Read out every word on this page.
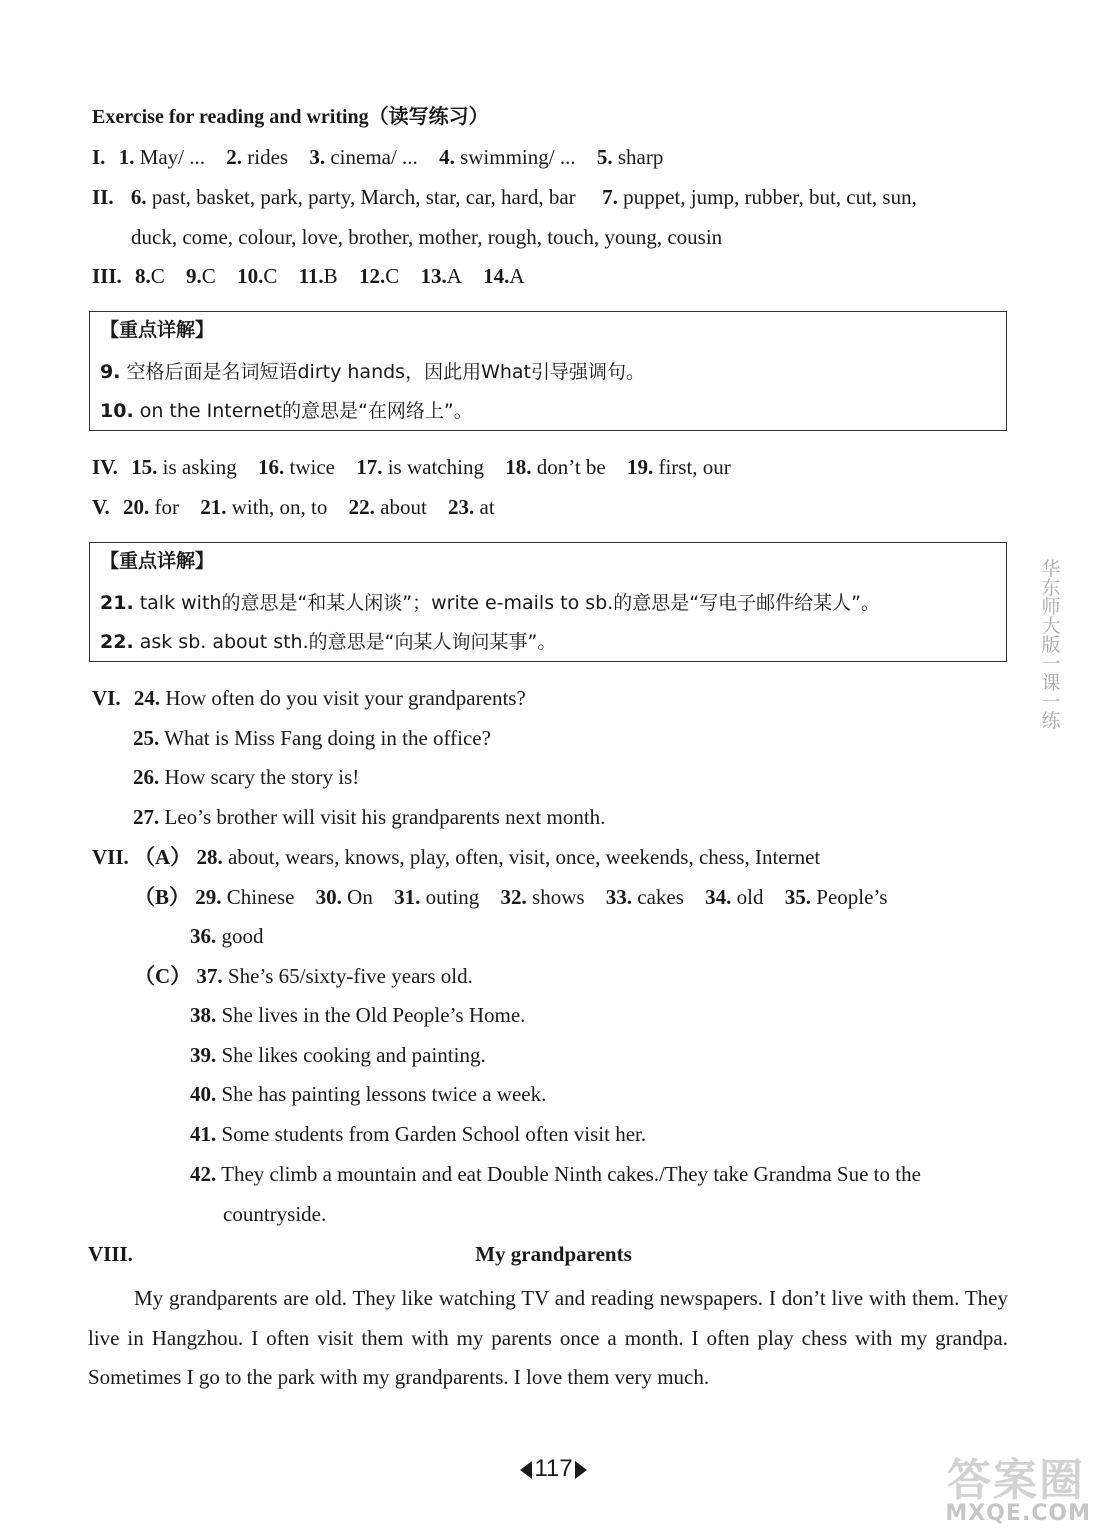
Exercise for reading and writing（读写练习）
I. 1. May/ ... 2. rides 3. cinema/ ... 4. swimming/ ... 5. sharp
II. 6. past, basket, park, party, March, star, car, hard, bar 7. puppet, jump, rubber, but, cut, sun,
duck, come, colour, love, brother, mother, rough, touch, young, cousin
III. 8.C 9.C 10.C 11.B 12.C 13.A 14.A
【重点详解】
9. 空格后面是名词短语dirty hands，因此用What引导强调句。
10. on the Internet的意思是“在网络上”。
IV. 15. is asking 16. twice 17. is watching 18. don’t be 19. first, our
V. 20. for 21. with, on, to 22. about 23. at
【重点详解】
21. talk with的意思是“和某人闲谈”；write e-mails to sb.的意思是“写电子邮件给某人”。
22. ask sb. about sth.的意思是“向某人询问某事”。
VI. 24. How often do you visit your grandparents?
25. What is Miss Fang doing in the office?
26. How scary the story is!
27. Leo’s brother will visit his grandparents next month.
VII. （A） 28. about, wears, knows, play, often, visit, once, weekends, chess, Internet
（B） 29. Chinese 30. On 31. outing 32. shows 33. cakes 34. old 35. People’s
36. good
（C） 37. She’s 65/sixty-five years old.
38. She lives in the Old People’s Home.
39. She likes cooking and painting.
40. She has painting lessons twice a week.
41. Some students from Garden School often visit her.
42. They climb a mountain and eat Double Ninth cakes./They take Grandma Sue to the
countryside.
VIII.	My grandparents
My grandparents are old. They like watching TV and reading newspapers. I don’t live with them. They live in Hangzhou. I often visit them with my parents once a month. I often play chess with my grandpa. Sometimes I go to the park with my grandparents. I love them very much.
117
华东师大版一课一练
答案圈
MXQE.COM
